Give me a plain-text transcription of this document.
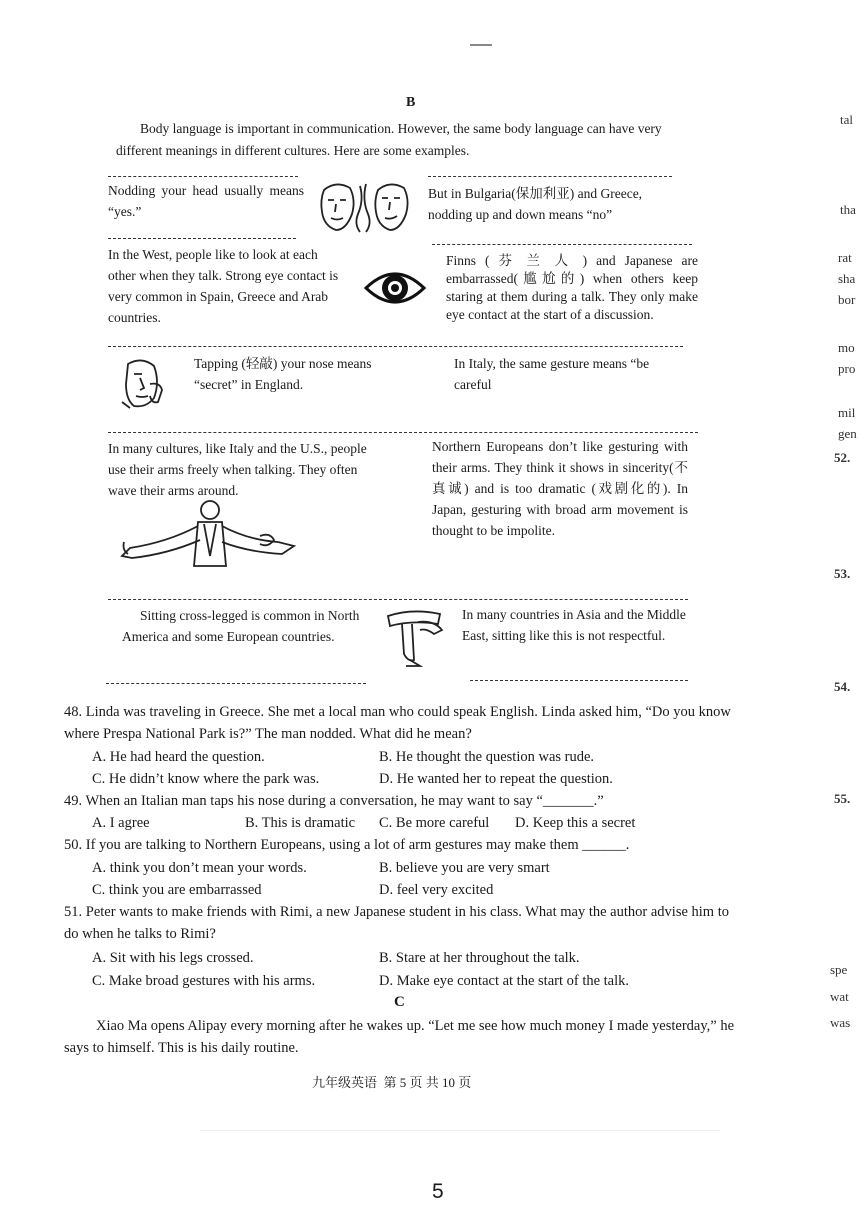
B
Body language is important in communication. However, the same body language can have very different meanings in different cultures. Here are some examples.
Nodding your head usually means “yes.”
But in Bulgaria(保加利亚) and Greece, nodding up and down means “no”
In the West, people like to look at each other when they talk. Strong eye contact is very common in Spain, Greece and Arab countries.
Finns ( 芬 兰 人 ) and Japanese are embarrassed(尴尬的) when others keep staring at them during a talk. They only make eye contact at the start of a discussion.
Tapping (轻敲) your nose means “secret” in England.
In Italy, the same gesture means “be careful
In many cultures, like Italy and the U.S., people use their arms freely when talking. They often wave their arms around.
Northern Europeans don’t like gesturing with their arms. They think it shows in sincerity(不真诚) and is too dramatic (戏剧化的). In Japan, gesturing with broad arm movement is thought to be impolite.
Sitting cross-legged is common in North America and some European countries.
In many countries in Asia and the Middle East, sitting like this is not respectful.
48. Linda was traveling in Greece. She met a local man who could speak English. Linda asked him, “Do you know where Prespa National Park is?” The man nodded. What did he mean?
A. He had heard the question.	B. He thought the question was rude.
C. He didn’t know where the park was.	D. He wanted her to repeat the question.
49. When an Italian man taps his nose during a conversation, he may want to say “_______.”
A. I agree	B. This is dramatic C. Be more careful D. Keep this a secret
50. If you are talking to Northern Europeans, using a lot of arm gestures may make them ______.
A. think you don’t mean your words.	B. believe you are very smart
C. think you are embarrassed	D. feel very excited
51. Peter wants to make friends with Rimi, a new Japanese student in his class. What may the author advise him to do when he talks to Rimi?
A. Sit with his legs crossed.	B. Stare at her throughout the talk.
C. Make broad gestures with his arms.	D. Make eye contact at the start of the talk.
C
Xiao Ma opens Alipay every morning after he wakes up. “Let me see how much money I made yesterday,” he says to himself. This is his daily routine.
九年级英语  第 5 页 共 10 页
5
tal
tha
rat
sha
bor
mo
pro
mil
gen
52.
53.
54.
55.
spe
wat
was
